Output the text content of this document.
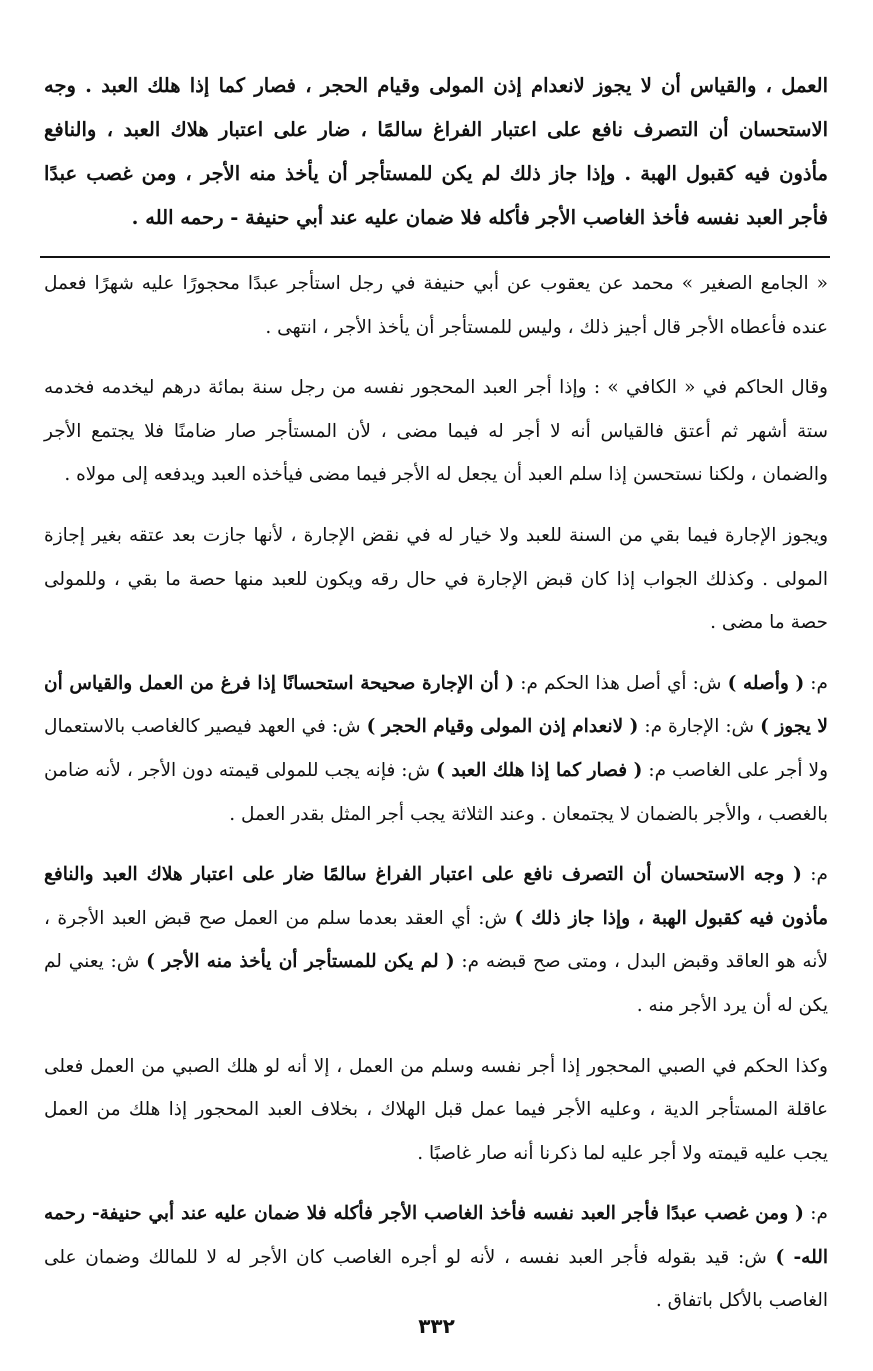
العمل ، والقياس أن لا يجوز لانعدام إذن المولى وقيام الحجر ، فصار كما إذا هلك العبد . وجه الاستحسان أن التصرف نافع على اعتبار الفراغ سالمًا ، ضار على اعتبار هلاك العبد ، والنافع مأذون فيه كقبول الهبة . وإذا جاز ذلك لم يكن للمستأجر أن يأخذ منه الأجر ، ومن غصب عبدًا فأجر العبد نفسه فأخذ الغاصب الأجر فأكله فلا ضمان عليه عند أبي حنيفة - رحمه الله .

« الجامع الصغير » محمد عن يعقوب عن أبي حنيفة في رجل استأجر عبدًا محجورًا عليه شهرًا فعمل عنده فأعطاه الأجر قال أجيز ذلك ، وليس للمستأجر أن يأخذ الأجر ، انتهى .

وقال الحاكم في « الكافي » : وإذا أجر العبد المحجور نفسه من رجل سنة بمائة درهم ليخدمه فخدمه ستة أشهر ثم أعتق فالقياس أنه لا أجر له فيما مضى ، لأن المستأجر صار ضامنًا فلا يجتمع الأجر والضمان ، ولكنا نستحسن إذا سلم العبد أن يجعل له الأجر فيما مضى فيأخذه العبد ويدفعه إلى مولاه .

ويجوز الإجارة فيما بقي من السنة للعبد ولا خيار له في نقض الإجارة ، لأنها جازت بعد عتقه بغير إجازة المولى . وكذلك الجواب إذا كان قبض الإجارة في حال رقه ويكون للعبد منها حصة ما بقي ، وللمولى حصة ما مضى .

م: ( وأصله ) ش: أي أصل هذا الحكم م: ( أن الإجارة صحيحة استحسانًا إذا فرغ من العمل والقياس أن لا يجوز ) ش: الإجارة م: ( لانعدام إذن المولى وقيام الحجر ) ش: في العهد فيصير كالغاصب بالاستعمال ولا أجر على الغاصب م: ( فصار كما إذا هلك العبد ) ش: فإنه يجب للمولى قيمته دون الأجر ، لأنه ضامن بالغصب ، والأجر بالضمان لا يجتمعان . وعند الثلاثة يجب أجر المثل بقدر العمل .

م: ( وجه الاستحسان أن التصرف نافع على اعتبار الفراغ سالمًا ضار على اعتبار هلاك العبد والنافع مأذون فيه كقبول الهبة ، وإذا جاز ذلك ) ش: أي العقد بعدما سلم من العمل صح قبض العبد الأجرة ، لأنه هو العاقد وقبض البدل ، ومتى صح قبضه م: ( لم يكن للمستأجر أن يأخذ منه الأجر ) ش: يعني لم يكن له أن يرد الأجر منه .

وكذا الحكم في الصبي المحجور إذا أجر نفسه وسلم من العمل ، إلا أنه لو هلك الصبي من العمل فعلى عاقلة المستأجر الدية ، وعليه الأجر فيما عمل قبل الهلاك ، بخلاف العبد المحجور إذا هلك من العمل يجب عليه قيمته ولا أجر عليه لما ذكرنا أنه صار غاصبًا .

م: ( ومن غصب عبدًا فأجر العبد نفسه فأخذ الغاصب الأجر فأكله فلا ضمان عليه عند أبي حنيفة- رحمه الله- ) ش: قيد بقوله فأجر العبد نفسه ، لأنه لو أجره الغاصب كان الأجر له لا للمالك وضمان على الغاصب بالأكل باتفاق .

٣٣٢
